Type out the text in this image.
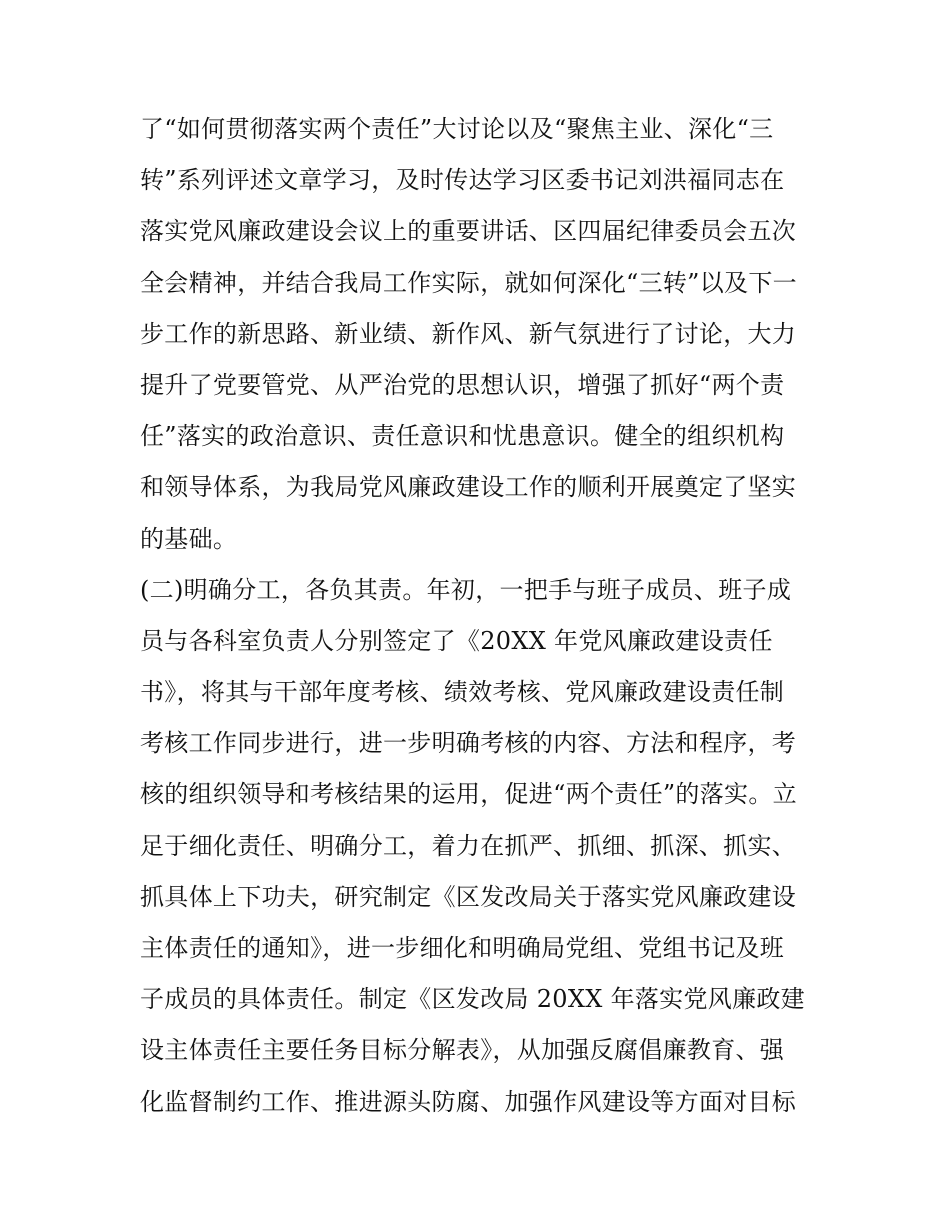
了“如何贯彻落实两个责任”大讨论以及“聚焦主业、深化“三
转”系列评述文章学习，及时传达学习区委书记刘洪福同志在
落实党风廉政建设会议上的重要讲话、区四届纪律委员会五次
全会精神，并结合我局工作实际，就如何深化“三转”以及下一
步工作的新思路、新业绩、新作风、新气氛进行了讨论，大力
提升了党要管党、从严治党的思想认识，增强了抓好“两个责
任”落实的政治意识、责任意识和忧患意识。健全的组织机构
和领导体系，为我局党风廉政建设工作的顺利开展奠定了坚实
的基础。
(二)明确分工，各负其责。年初，一把手与班子成员、班子成
员与各科室负责人分别签定了《20XX 年党风廉政建设责任
书》，将其与干部年度考核、绩效考核、党风廉政建设责任制
考核工作同步进行，进一步明确考核的内容、方法和程序，考
核的组织领导和考核结果的运用，促进“两个责任”的落实。立
足于细化责任、明确分工，着力在抓严、抓细、抓深、抓实、
抓具体上下功夫，研究制定《区发改局关于落实党风廉政建设
主体责任的通知》，进一步细化和明确局党组、党组书记及班
子成员的具体责任。制定《区发改局 20XX 年落实党风廉政建
设主体责任主要任务目标分解表》，从加强反腐倡廉教育、强
化监督制约工作、推进源头防腐、加强作风建设等方面对目标
